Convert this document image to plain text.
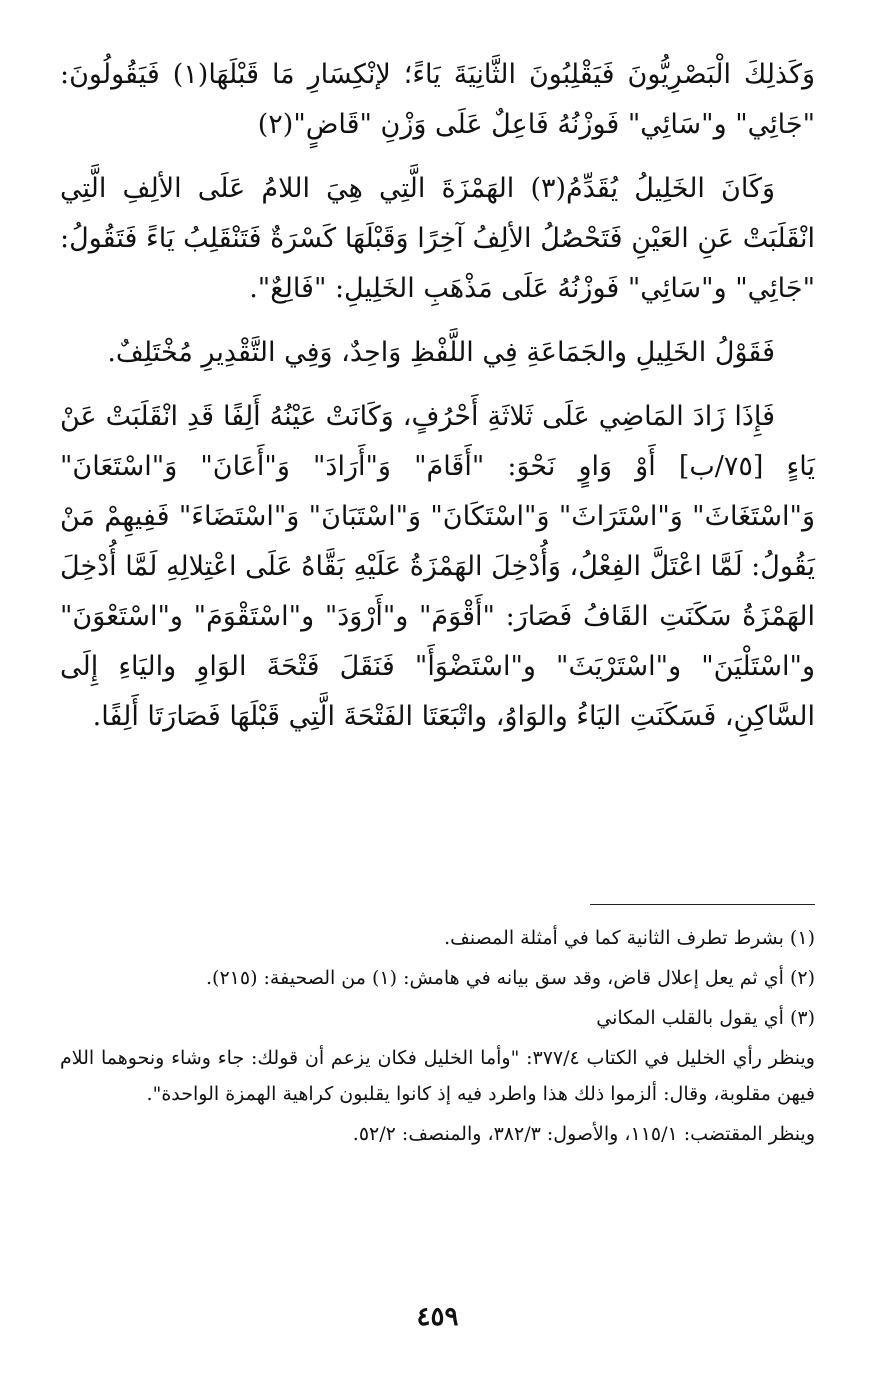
وَكَذلِكَ الْبَصْرِيُّونَ فَيَقْلِبُونَ الثَّانِيَةَ يَاءً؛ لإنْكِسَارِ مَا قَبْلَهَا(١) فَيَقُولُونَ: "جَائِي" و"سَائِي" فَوزْنُهُ فَاعِلٌ عَلَى وَزْنِ "قَاضٍ"(٢)

وَكَانَ الخَلِيلُ يُقَدِّمُ(٣) الهَمْزَةَ الَّتِي هِيَ اللامُ عَلَى الألِفِ الَّتِي انْقَلَبَتْ عَنِ العَيْنِ فَتَحْصُلُ الألِفُ آخِرًا وَقَبْلَهَا كَسْرَةٌ فَتَنْقَلِبُ يَاءً فَتَقُولُ: "جَائِي" و"سَائِي" فَوزْنُهُ عَلَى مَذْهَبِ الخَلِيلِ: "فَالِعٌ".

فَقَوْلُ الخَلِيلِ والجَمَاعَةِ فِي اللَّفْظِ وَاحِدٌ، وَفِي التَّقْدِيرِ مُخْتَلِفٌ.

فَإِذَا زَادَ المَاضِي عَلَى ثَلاثَةِ أَحْرُفٍ، وَكَانَتْ عَيْنُهُ أَلِفًا قَدِ انْقَلَبَتْ عَنْ يَاءٍ [٧٥/ب] أَوْ وَاوٍ نَحْوَ: "أَقَامَ" وَ"أَرَادَ" وَ"أَعَانَ" وَ"اسْتَعَانَ" وَ"اسْتَغَاثَ" وَ"اسْتَرَاثَ" وَ"اسْتَكَانَ" وَ"اسْتَبَانَ" وَ"اسْتَضَاءَ" فَفِيهِمْ مَنْ يَقُولُ: لَمَّا اعْتَلَّ الفِعْلُ، وَأُدْخِلَ الهَمْزَةُ عَلَيْهِ بَقَّاهُ عَلَى اعْتِلالِهِ لَمَّا أُدْخِلَ الهَمْزَةُ سَكَنَتِ القَافُ فَصَارَ: "أَقْوَمَ" و"أَرْوَدَ" و"اسْتَقْوَمَ" و"اسْتَعْوَنَ" و"اسْتَلْيَنَ" و"اسْتَرْيَثَ" و"اسْتَضْوَأَ" فَنَقَلَ فَتْحَةَ الوَاوِ واليَاءِ إِلَى السَّاكِنِ، فَسَكَنَتِ اليَاءُ والوَاوُ، واتْبَعَتَا الفَتْحَةَ الَّتِي قَبْلَهَا فَصَارَتَا أَلِفًا.

(١) بشرط تطرف الثانية كما في أمثلة المصنف.

(٢) أي ثم يعل إعلال قاض، وقد سق بيانه في هامش: (١) من الصحيفة: (٢١٥).

(٣) أي يقول بالقلب المكاني

وينظر رأي الخليل في الكتاب ٣٧٧/٤: "وأما الخليل فكان يزعم أن قولك: جاء وشاء ونحوهما اللام فيهن مقلوبة، وقال: ألزموا ذلك هذا واطرد فيه إذ كانوا يقلبون كراهية الهمزة الواحدة".

وينظر المقتضب: ١١٥/١، والأصول: ٣٨٢/٣، والمنصف: ٥٢/٢.

٤٥٩
